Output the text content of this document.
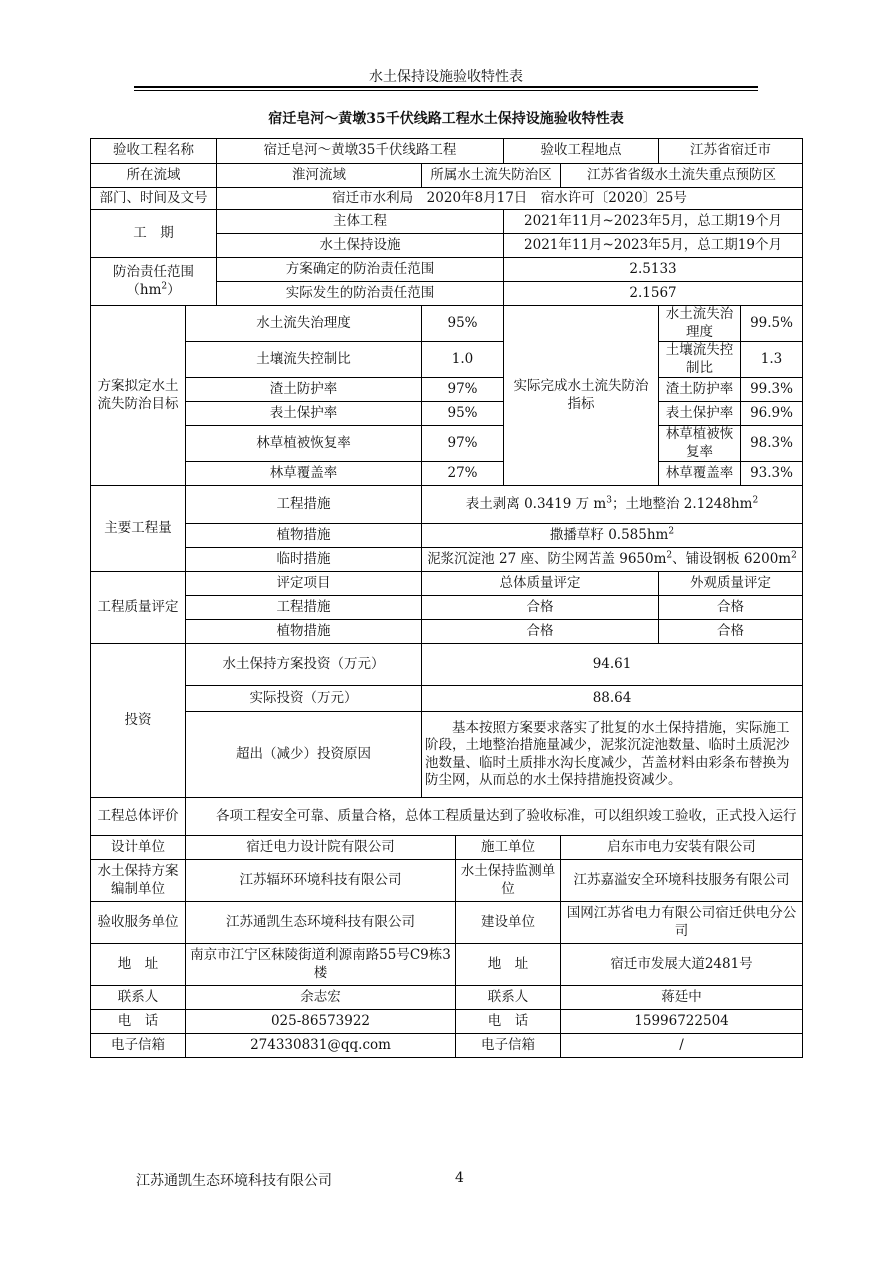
水土保持设施验收特性表
宿迁皂河～黄墩35千伏线路工程水土保持设施验收特性表
验收工程名称		宿迁皂河～黄墩35千伏线路工程			验收工程地点		江苏省宿迁市	
所在流域		淮河流域	所属水土流失防治区			江苏省省级水土流失重点预防区		
部门、时间及文号		宿迁市水利局　2020年8月17日　宿水许可〔2020〕25号						
工　期		主体工程			2021年11月~2023年5月，总工期19个月			
		水土保持设施			2021年11月~2023年5月，总工期19个月			
防治责任范围
$(hm^2)$		方案确定的防治责任范围			2.5133			
		实际发生的防治责任范围			2.1567			
方案拟定水土流失防治目标	水土流失治理度		95%		实际完成水土流失防治指标		水土流失治理度	99.5%
	土壤流失控制比		1.0				土壤流失控制比	1.3
	渣土防护率		97%				渣土防护率	99.3%
	表土保护率		95%				表土保护率	96.9%
	林草植被恢复率		97%				林草植被恢复率	98.3%
	林草覆盖率		27%				林草覆盖率	93.3%
主要工程量	工程措施		表土剥离 0.3419 万 $m^3$；土地整治 $2.1248hm^2$
	植物措施		撒播草籽 $0.585hm^2$
	临时措施		泥浆沉淀池 27 座、防尘网苫盖 $9650m^2$、铺设钢板 $6200m^2$
工程质量评定	评定项目		总体质量评定				外观质量评定	
	工程措施		合格				合格	
	植物措施		合格				合格	
投资	水土保持方案投资（万元）		94.61					
	实际投资（万元）		88.64					
	超出（减少）投资原因		基本按照方案要求落实了批复的水土保持措施，实际施工阶段，土地整治措施量减少，泥浆沉淀池数量、临时土质泥沙池数量、临时土质排水沟长度减少，苫盖材料由彩条布替换为防尘网，从而总的水土保持措施投资减少。					
工程总体评价	各项工程安全可靠、质量合格，总体工程质量达到了验收标准，可以组织竣工验收，正式投入运行							
设计单位	宿迁电力设计院有限公司			施工单位		启东市电力安装有限公司		
水土保持方案编制单位	江苏辐环环境科技有限公司			水土保持监测单位		江苏嘉溢安全环境科技服务有限公司		
验收服务单位	江苏通凯生态环境科技有限公司			建设单位		国网江苏省电力有限公司宿迁供电分公司		
地　址	南京市江宁区秣陵街道利源南路55号C9栋3楼			地　址		宿迁市发展大道2481号		
联系人	余志宏			联系人		蒋廷中		
电　话	025-86573922			电　话		15996722504		
电子信箱	274330831@qq.com			电子信箱		/		
江苏通凯生态环境科技有限公司	4
